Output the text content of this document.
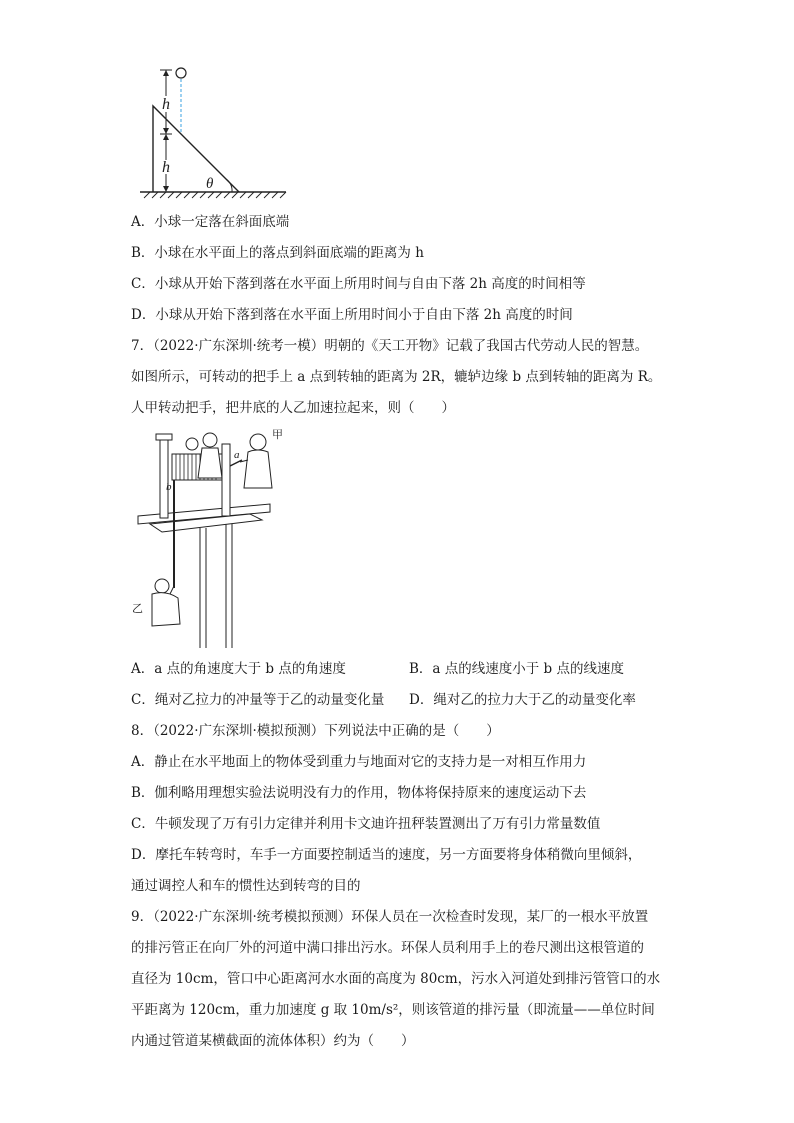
h
h
θ
A．小球一定落在斜面底端
B．小球在水平面上的落点到斜面底端的距离为 h
C．小球从开始下落到落在水平面上所用时间与自由下落 2h 高度的时间相等
D．小球从开始下落到落在水平面上所用时间小于自由下落 2h 高度的时间
7．（2022·广东深圳·统考一模）明朝的《天工开物》记载了我国古代劳动人民的智慧。
如图所示，可转动的把手上 a 点到转轴的距离为 2R，辘轳边缘 b 点到转轴的距离为 R。
人甲转动把手，把井底的人乙加速拉起来，则（　　）
甲
乙
a
b
A．a 点的角速度大于 b 点的角速度	B．a 点的线速度小于 b 点的线速度
C．绳对乙拉力的冲量等于乙的动量变化量 D．绳对乙的拉力大于乙的动量变化率
8．（2022·广东深圳·模拟预测）下列说法中正确的是（　　）
A．静止在水平地面上的物体受到重力与地面对它的支持力是一对相互作用力
B．伽利略用理想实验法说明没有力的作用，物体将保持原来的速度运动下去
C．牛顿发现了万有引力定律并利用卡文迪许扭秤装置测出了万有引力常量数值
D．摩托车转弯时，车手一方面要控制适当的速度，另一方面要将身体稍微向里倾斜，
通过调控人和车的惯性达到转弯的目的
9．（2022·广东深圳·统考模拟预测）环保人员在一次检查时发现，某厂的一根水平放置
的排污管正在向厂外的河道中满口排出污水。环保人员利用手上的卷尺测出这根管道的
直径为 10cm，管口中心距离河水水面的高度为 80cm，污水入河道处到排污管管口的水
平距离为 120cm，重力加速度 g 取 10m/s²，则该管道的排污量（即流量——单位时间
内通过管道某横截面的流体体积）约为（　　）
